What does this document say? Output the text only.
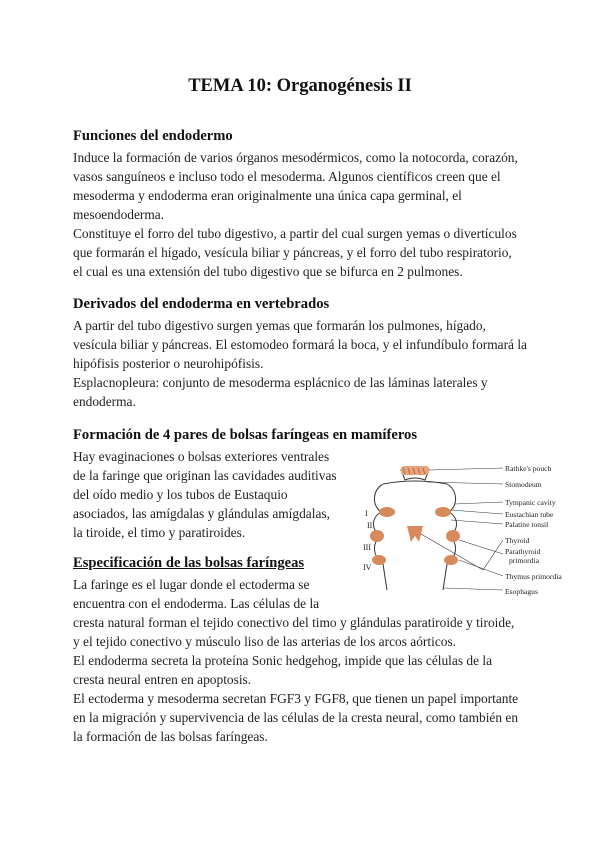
TEMA 10: Organogénesis II
Funciones del endodermo
Induce la formación de varios órganos mesodérmicos, como la notocorda, corazón,
vasos sanguíneos e incluso todo el mesoderma. Algunos científicos creen que el
mesoderma y endoderma eran originalmente una única capa germinal, el
mesoendoderma.
Constituye el forro del tubo digestivo, a partir del cual surgen yemas o divertículos
que formarán el hígado, vesícula biliar y páncreas, y el forro del tubo respiratorio,
el cual es una extensión del tubo digestivo que se bifurca en 2 pulmones.
Derivados del endoderma en vertebrados
A partir del tubo digestivo surgen yemas que formarán los pulmones, hígado,
vesícula biliar y páncreas. El estomodeo formará la boca, y el infundíbulo formará la
hipófisis posterior o neurohipófisis.
Esplacnopleura: conjunto de mesoderma esplácnico de las láminas laterales y
endoderma.
Formación de 4 pares de bolsas faríngeas en mamíferos
Hay evaginaciones o bolsas exteriores ventrales
de la faringe que originan las cavidades auditivas
del oído medio y los tubos de Eustaquio
asociados, las amígdalas y glándulas amígdalas,
la tiroide, el timo y paratiroides.
Especificación de las bolsas faríngeas
La faringe es el lugar donde el ectoderma se
encuentra con el endoderma. Las células de la
cresta natural forman el tejido conectivo del timo y glándulas paratiroide y tiroide,
y el tejido conectivo y músculo liso de las arterias de los arcos aórticos.
El endoderma secreta la proteína Sonic hedgehog, impide que las células de la
cresta neural entren en apoptosis.
El ectoderma y mesoderma secretan FGF3 y FGF8, que tienen un papel importante
en la migración y supervivencia de las células de la cresta neural, como también en
la formación de las bolsas faríngeas.
I
II
III
IV
Rathke's pouch
Stomodeum
Tympanic cavity
Eustachian tube
Palatine tonsil
Thyroid
Parathyroid
primordia
Thymus primordia
Esophagus
